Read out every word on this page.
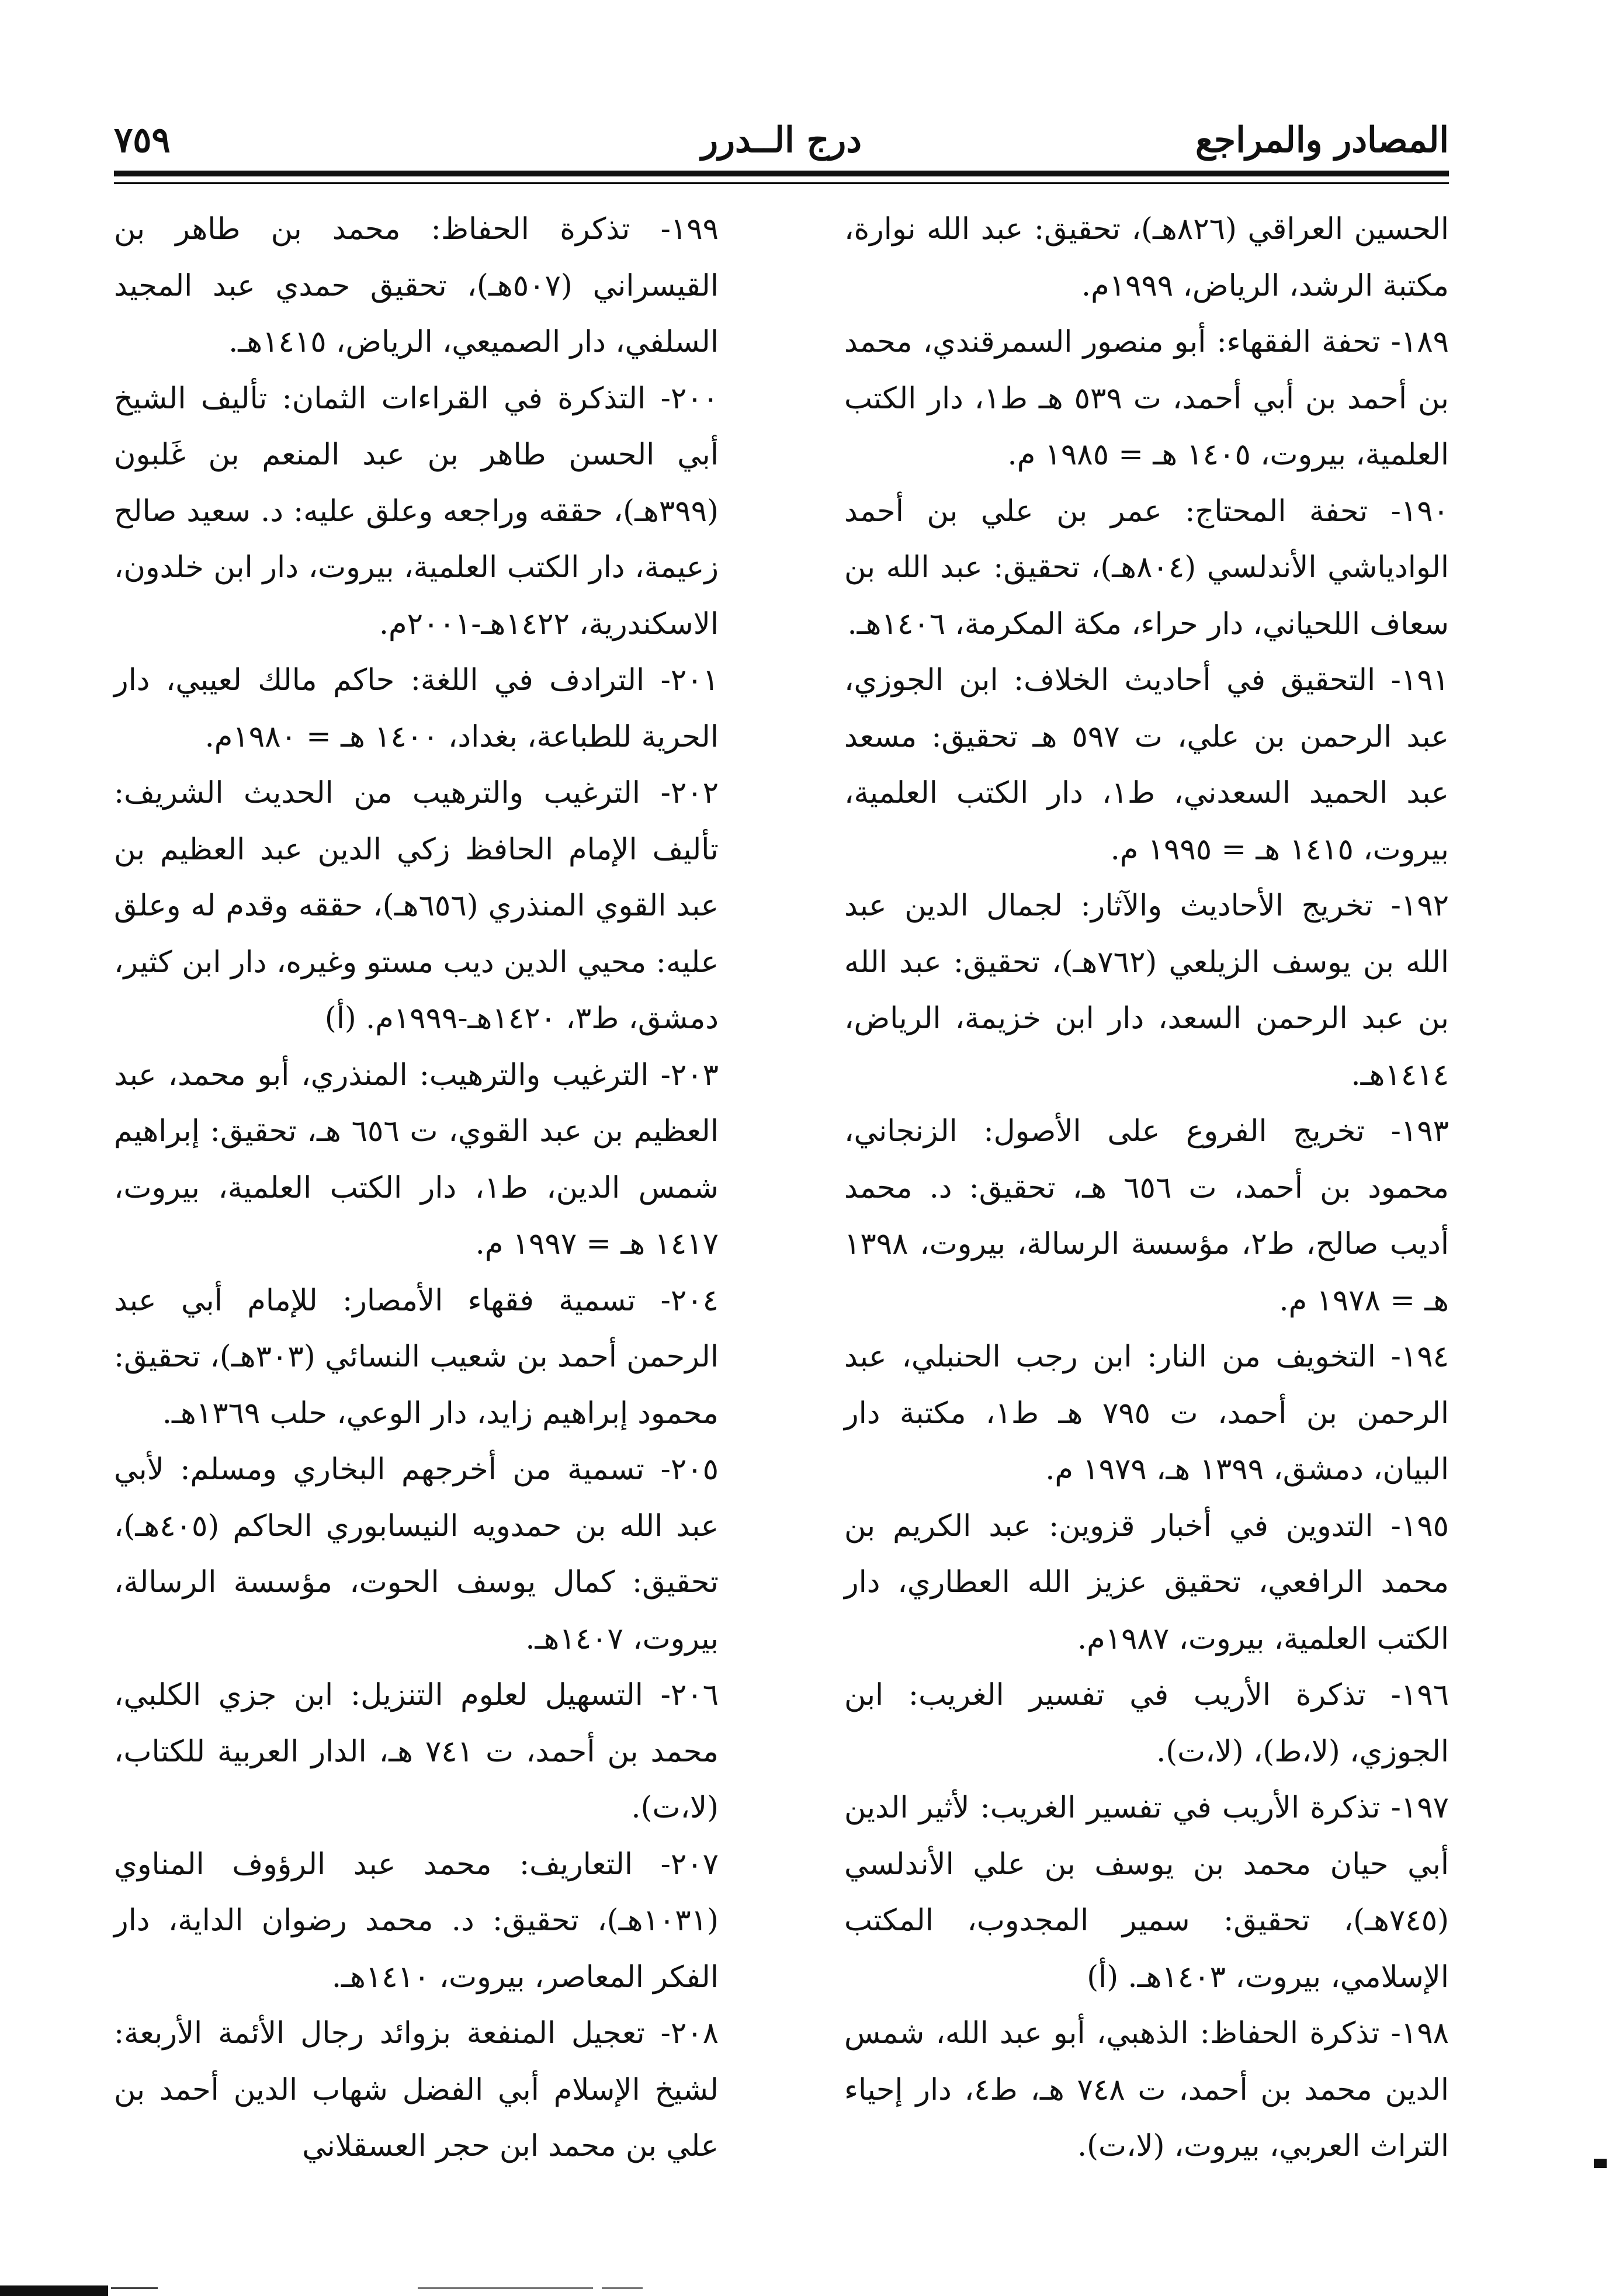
٧٥٩	درج الــدرر	المصادر والمراجع

الحسين العراقي (٨٢٦هـ)، تحقيق: عبد الله نوارة، مكتبة الرشد، الرياض، ١٩٩٩م.

١٨٩- تحفة الفقهاء: أبو منصور السمرقندي، محمد بن أحمد بن أبي أحمد، ت ٥٣٩ هـ ط١، دار الكتب العلمية، بيروت، ١٤٠٥ هـ = ١٩٨٥ م.

١٩٠- تحفة المحتاج: عمر بن علي بن أحمد الوادياشي الأندلسي (٨٠٤هـ)، تحقيق: عبد الله بن سعاف اللحياني، دار حراء، مكة المكرمة، ١٤٠٦هـ.

١٩١- التحقيق في أحاديث الخلاف: ابن الجوزي، عبد الرحمن بن علي، ت ٥٩٧ هـ تحقيق: مسعد عبد الحميد السعدني، ط١، دار الكتب العلمية، بيروت، ١٤١٥ هـ = ١٩٩٥ م.

١٩٢- تخريج الأحاديث والآثار: لجمال الدين عبد الله بن يوسف الزيلعي (٧٦٢هـ)، تحقيق: عبد الله بن عبد الرحمن السعد، دار ابن خزيمة، الرياض، ١٤١٤هـ.

١٩٣- تخريج الفروع على الأصول: الزنجاني، محمود بن أحمد، ت ٦٥٦ هـ، تحقيق: د. محمد أديب صالح، ط٢، مؤسسة الرسالة، بيروت، ١٣٩٨ هـ = ١٩٧٨ م.

١٩٤- التخويف من النار: ابن رجب الحنبلي، عبد الرحمن بن أحمد، ت ٧٩٥ هـ ط١، مكتبة دار البيان، دمشق، ١٣٩٩ هـ، ١٩٧٩ م.

١٩٥- التدوين في أخبار قزوين: عبد الكريم بن محمد الرافعي، تحقيق عزيز الله العطاري، دار الكتب العلمية، بيروت، ١٩٨٧م.

١٩٦- تذكرة الأريب في تفسير الغريب: ابن الجوزي، (لا،ط)، (لا،ت).

١٩٧- تذكرة الأريب في تفسير الغريب: لأثير الدين أبي حيان محمد بن يوسف بن علي الأندلسي (٧٤٥هـ)، تحقيق: سمير المجدوب، المكتب الإسلامي، بيروت، ١٤٠٣هـ. (أ)

١٩٨- تذكرة الحفاظ: الذهبي، أبو عبد الله، شمس الدين محمد بن أحمد، ت ٧٤٨ هـ، ط٤، دار إحياء التراث العربي، بيروت، (لا،ت).

١٩٩- تذكرة الحفاظ: محمد بن طاهر بن القيسراني (٥٠٧هـ)، تحقيق حمدي عبد المجيد السلفي، دار الصميعي، الرياض، ١٤١٥هـ.

٢٠٠- التذكرة في القراءات الثمان: تأليف الشيخ أبي الحسن طاهر بن عبد المنعم بن غَلبون (٣٩٩هـ)، حققه وراجعه وعلق عليه: د. سعيد صالح زعيمة، دار الكتب العلمية، بيروت، دار ابن خلدون، الاسكندرية، ١٤٢٢هـ-٢٠٠١م.

٢٠١- الترادف في اللغة: حاكم مالك لعيبي، دار الحرية للطباعة، بغداد، ١٤٠٠ هـ = ١٩٨٠م.

٢٠٢- الترغيب والترهيب من الحديث الشريف: تأليف الإمام الحافظ زكي الدين عبد العظيم بن عبد القوي المنذري (٦٥٦هـ)، حققه وقدم له وعلق عليه: محيي الدين ديب مستو وغيره، دار ابن كثير، دمشق، ط٣، ١٤٢٠هـ-١٩٩٩م. (أ)

٢٠٣- الترغيب والترهيب: المنذري، أبو محمد، عبد العظيم بن عبد القوي، ت ٦٥٦ هـ، تحقيق: إبراهيم شمس الدين، ط١، دار الكتب العلمية، بيروت، ١٤١٧ هـ = ١٩٩٧ م.

٢٠٤- تسمية فقهاء الأمصار: للإمام أبي عبد الرحمن أحمد بن شعيب النسائي (٣٠٣هـ)، تحقيق: محمود إبراهيم زايد، دار الوعي، حلب ١٣٦٩هـ.

٢٠٥- تسمية من أخرجهم البخاري ومسلم: لأبي عبد الله بن حمدويه النيسابوري الحاكم (٤٠٥هـ)، تحقيق: كمال يوسف الحوت، مؤسسة الرسالة، بيروت، ١٤٠٧هـ.

٢٠٦- التسهيل لعلوم التنزيل: ابن جزي الكلبي، محمد بن أحمد، ت ٧٤١ هـ، الدار العربية للكتاب، (لا،ت).

٢٠٧- التعاريف: محمد عبد الرؤوف المناوي (١٠٣١هـ)، تحقيق: د. محمد رضوان الداية، دار الفكر المعاصر، بيروت، ١٤١٠هـ.

٢٠٨- تعجيل المنفعة بزوائد رجال الأئمة الأربعة: لشيخ الإسلام أبي الفضل شهاب الدين أحمد بن علي بن محمد ابن حجر العسقلاني
